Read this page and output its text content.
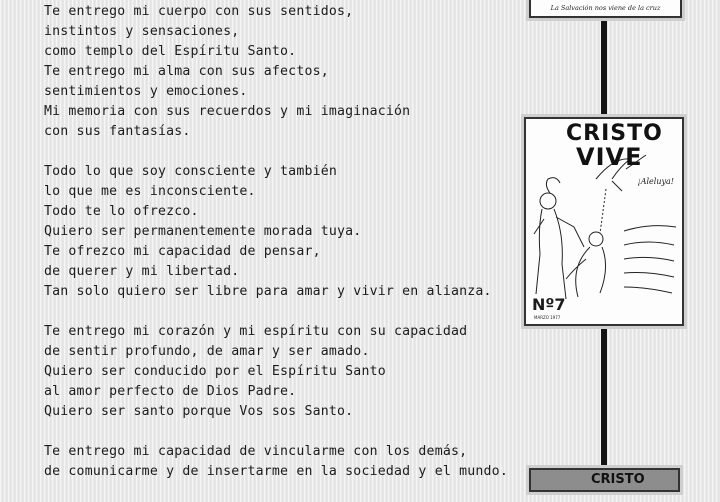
Te entrego mi cuerpo con sus sentidos,
instintos y sensaciones,
como templo del Espíritu Santo.
Te entrego mi alma con sus afectos,
sentimientos y emociones.
Mi memoria con sus recuerdos y mi imaginación
con sus fantasías.
Todo lo que soy consciente y también
lo que me es inconsciente.
Todo te lo ofrezco.
Quiero ser permanentemente morada tuya.
Te ofrezco mi capacidad de pensar,
de querer y mi libertad.
Tan solo quiero ser libre para amar y vivir en alianza.
Te entrego mi corazón y mi espíritu con su capacidad
de sentir profundo, de amar y ser amado.
Quiero ser conducido por el Espíritu Santo
al amor perfecto de Dios Padre.
Quiero ser santo porque Vos sos Santo.
Te entrego mi capacidad de vincularme con los demás,
de comunicarme y de insertarme en la sociedad y el mundo.
La Salvación nos viene de la cruz
CRISTO
VIVE
¡Aleluya!
Nº7
MARZO 1977
CRISTO
